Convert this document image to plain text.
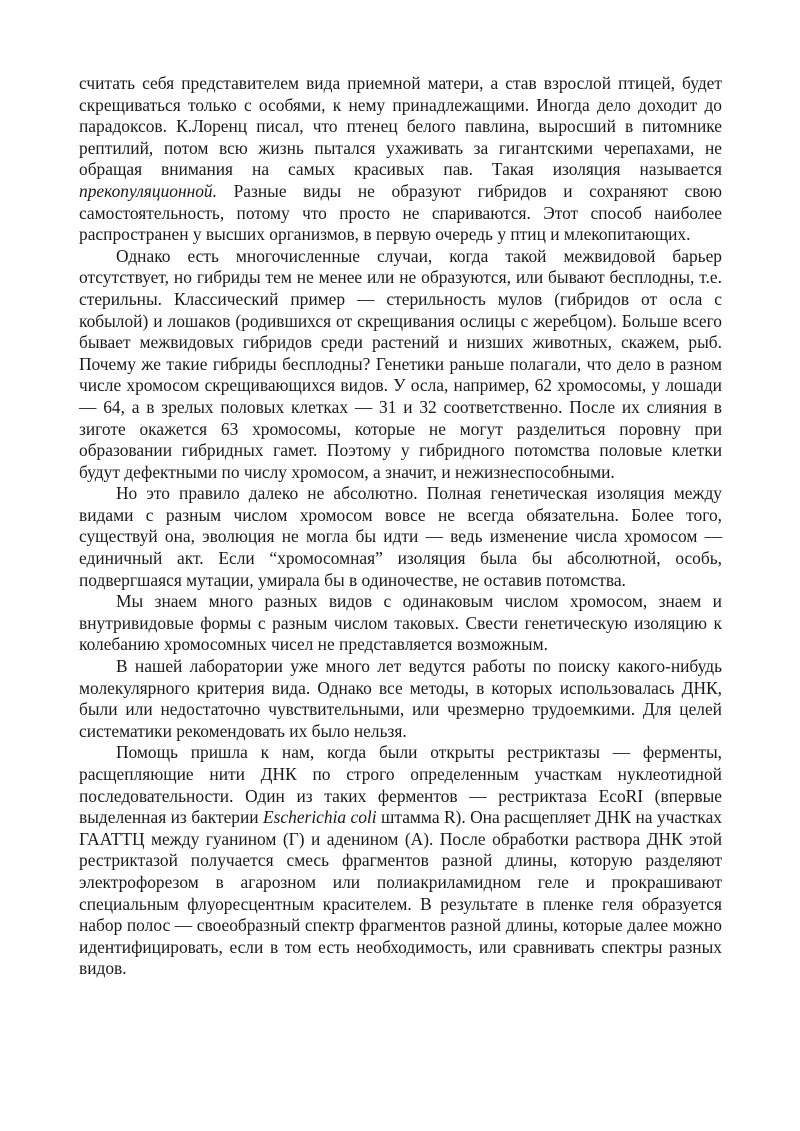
считать себя представителем вида приемной матери, а став взрослой птицей, будет скрещиваться только с особями, к нему принадлежащими. Иногда дело доходит до парадоксов. К.Лоренц писал, что птенец белого павлина, выросший в питомнике рептилий, потом всю жизнь пытался ухаживать за гигантскими черепахами, не обращая внимания на самых красивых пав. Такая изоляция называется прекопуляционной. Разные виды не образуют гибридов и сохраняют свою самостоятельность, потому что просто не спариваются. Этот способ наиболее распространен у высших организмов, в первую очередь у птиц и млекопитающих.

Однако есть многочисленные случаи, когда такой межвидовой барьер отсутствует, но гибриды тем не менее или не образуются, или бывают бесплодны, т.е. стерильны. Классический пример — стерильность мулов (гибридов от осла с кобылой) и лошаков (родившихся от скрещивания ослицы с жеребцом). Больше всего бывает межвидовых гибридов среди растений и низших животных, скажем, рыб. Почему же такие гибриды бесплодны? Генетики раньше полагали, что дело в разном числе хромосом скрещивающихся видов. У осла, например, 62 хромосомы, у лошади — 64, а в зрелых половых клетках — 31 и 32 соответственно. После их слияния в зиготе окажется 63 хромосомы, которые не могут разделиться поровну при образовании гибридных гамет. Поэтому у гибридного потомства половые клетки будут дефектными по числу хромосом, а значит, и нежизнеспособными.

Но это правило далеко не абсолютно. Полная генетическая изоляция между видами с разным числом хромосом вовсе не всегда обязательна. Более того, существуй она, эволюция не могла бы идти — ведь изменение числа хромосом — единичный акт. Если “хромосомная” изоляция была бы абсолютной, особь, подвергшаяся мутации, умирала бы в одиночестве, не оставив потомства.

Мы знаем много разных видов с одинаковым числом хромосом, знаем и внутривидовые формы с разным числом таковых. Свести генетическую изоляцию к колебанию хромосомных чисел не представляется возможным.

В нашей лаборатории уже много лет ведутся работы по поиску какого-нибудь молекулярного критерия вида. Однако все методы, в которых использовалась ДНК, были или недостаточно чувствительными, или чрезмерно трудоемкими. Для целей систематики рекомендовать их было нельзя.

Помощь пришла к нам, когда были открыты рестриктазы — ферменты, расщепляющие нити ДНК по строго определенным участкам нуклеотидной последовательности. Один из таких ферментов — рестриктаза EcoRI (впервые выделенная из бактерии Escherichia coli штамма R). Она расщепляет ДНК на участках ГААТТЦ между гуанином (Г) и аденином (А). После обработки раствора ДНК этой рестриктазой получается смесь фрагментов разной длины, которую разделяют электрофорезом в агарозном или полиакриламидном геле и прокрашивают специальным флуоресцентным красителем. В результате в пленке геля образуется набор полос — своеобразный спектр фрагментов разной длины, которые далее можно идентифицировать, если в том есть необходимость, или сравнивать спектры разных видов.
